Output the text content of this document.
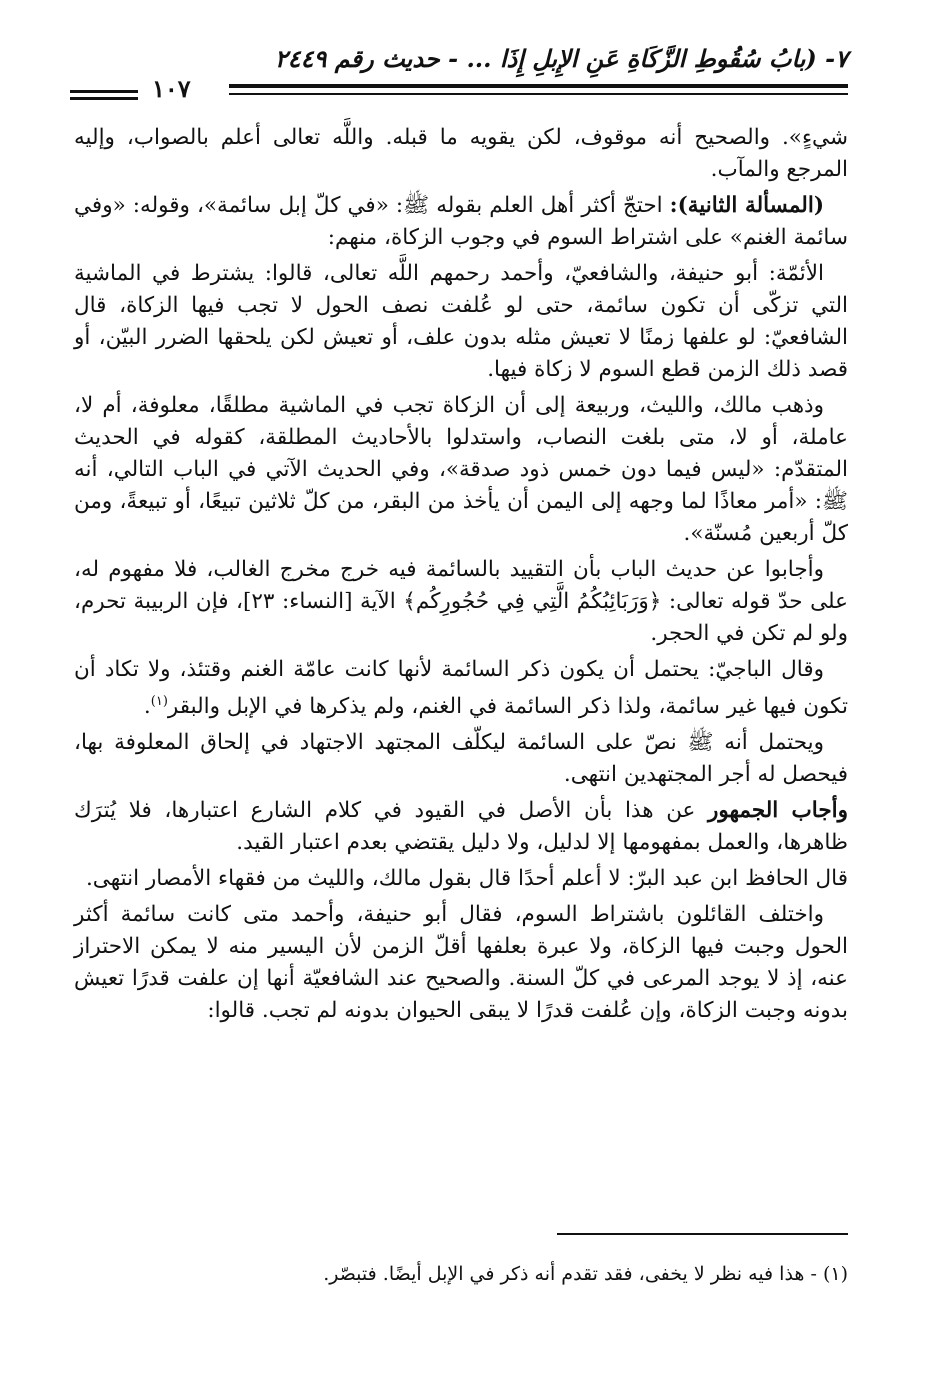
٧- (بابُ سُقُوطِ الزَّكَاةِ عَنِ الإِبلِ إِذَا ... - حديث رقم ٢٤٤٩
١٠٧

شيءٍ». والصحيح أنه موقوف، لكن يقويه ما قبله. واللَّه تعالى أعلم بالصواب، وإليه المرجع والمآب.

(المسألة الثانية): احتجّ أكثر أهل العلم بقوله ﷺ: «في كلّ إبل سائمة»، وقوله: «وفي سائمة الغنم» على اشتراط السوم في وجوب الزكاة، منهم:

الأئمّة: أبو حنيفة، والشافعيّ، وأحمد رحمهم اللَّه تعالى، قالوا: يشترط في الماشية التي تزكّى أن تكون سائمة، حتى لو عُلفت نصف الحول لا تجب فيها الزكاة، قال الشافعيّ: لو علفها زمنًا لا تعيش مثله بدون علف، أو تعيش لكن يلحقها الضرر البيّن، أو قصد ذلك الزمن قطع السوم لا زكاة فيها.

وذهب مالك، والليث، وربيعة إلى أن الزكاة تجب في الماشية مطلقًا، معلوفة، أم لا، عاملة، أو لا، متى بلغت النصاب، واستدلوا بالأحاديث المطلقة، كقوله في الحديث المتقدّم: «ليس فيما دون خمس ذود صدقة»، وفي الحديث الآتي في الباب التالي، أنه ﷺ: «أمر معاذًا لما وجهه إلى اليمن أن يأخذ من البقر، من كلّ ثلاثين تبيعًا، أو تبيعةً، ومن كلّ أربعين مُسنّة».

وأجابوا عن حديث الباب بأن التقييد بالسائمة فيه خرج مخرج الغالب، فلا مفهوم له، على حدّ قوله تعالى: ﴿وَرَبَائِبُكُمُ الَّتِي فِي حُجُورِكُم﴾ الآية [النساء: ٢٣]، فإن الربيبة تحرم، ولو لم تكن في الحجر.

وقال الباجيّ: يحتمل أن يكون ذكر السائمة لأنها كانت عامّة الغنم وقتئذ، ولا تكاد أن تكون فيها غير سائمة، ولذا ذكر السائمة في الغنم، ولم يذكرها في الإبل والبقر$^{(١)}$.

ويحتمل أنه ﷺ نصّ على السائمة ليكلّف المجتهد الاجتهاد في إلحاق المعلوفة بها، فيحصل له أجر المجتهدين انتهى.

وأجاب الجمهور عن هذا بأن الأصل في القيود في كلام الشارع اعتبارها، فلا يُترَك ظاهرها، والعمل بمفهومها إلا لدليل، ولا دليل يقتضي بعدم اعتبار القيد.

قال الحافظ ابن عبد البرّ: لا أعلم أحدًا قال بقول مالك، والليث من فقهاء الأمصار انتهى.

واختلف القائلون باشتراط السوم، فقال أبو حنيفة، وأحمد متى كانت سائمة أكثر الحول وجبت فيها الزكاة، ولا عبرة بعلفها أقلّ الزمن لأن اليسير منه لا يمكن الاحتراز عنه، إذ لا يوجد المرعى في كلّ السنة. والصحيح عند الشافعيّة أنها إن علفت قدرًا تعيش بدونه وجبت الزكاة، وإن عُلفت قدرًا لا يبقى الحيوان بدونه لم تجب. قالوا:

(١) - هذا فيه نظر لا يخفى، فقد تقدم أنه ذكر في الإبل أيضًا. فتبصّر.
